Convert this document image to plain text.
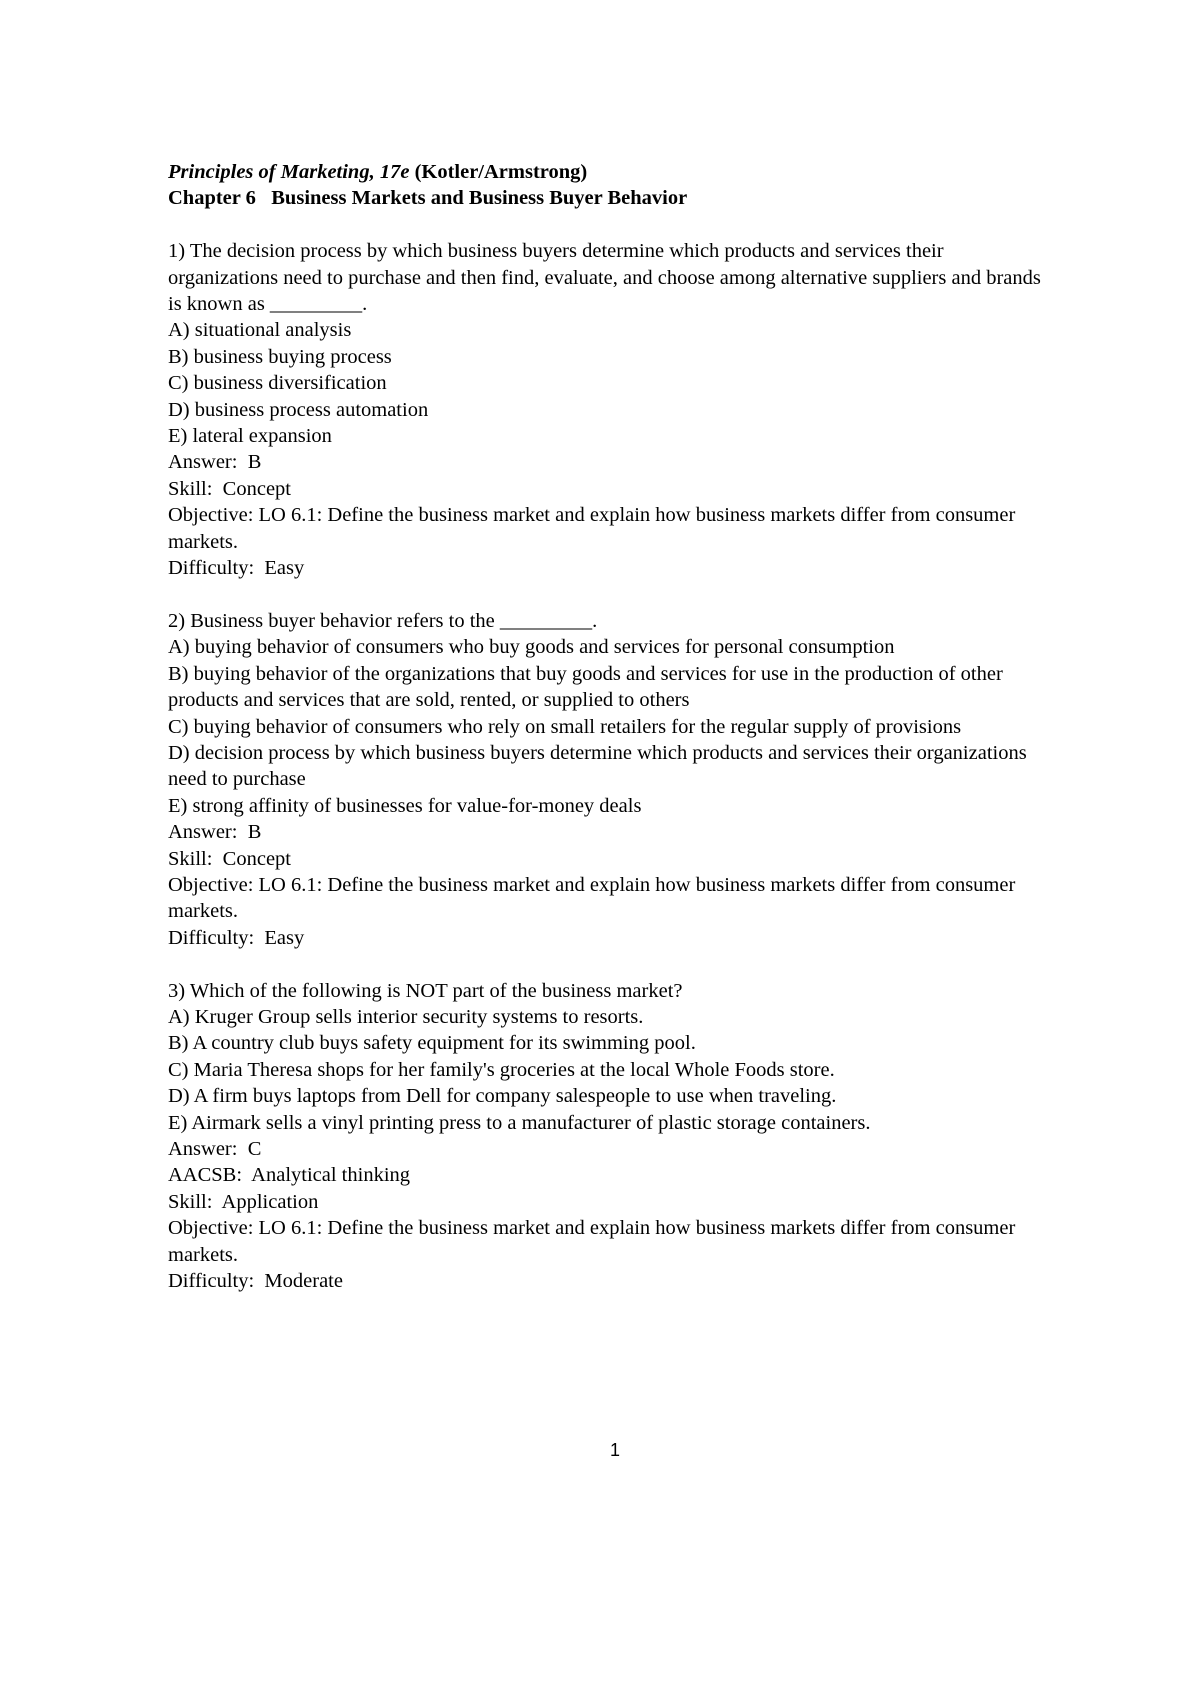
Principles of Marketing, 17e (Kotler/Armstrong)
Chapter 6   Business Markets and Business Buyer Behavior
1) The decision process by which business buyers determine which products and services their organizations need to purchase and then find, evaluate, and choose among alternative suppliers and brands is known as _________.
A) situational analysis
B) business buying process
C) business diversification
D) business process automation
E) lateral expansion
Answer:  B
Skill:  Concept
Objective: LO 6.1: Define the business market and explain how business markets differ from consumer markets.
Difficulty:  Easy
2) Business buyer behavior refers to the _________.
A) buying behavior of consumers who buy goods and services for personal consumption
B) buying behavior of the organizations that buy goods and services for use in the production of other products and services that are sold, rented, or supplied to others
C) buying behavior of consumers who rely on small retailers for the regular supply of provisions
D) decision process by which business buyers determine which products and services their organizations need to purchase
E) strong affinity of businesses for value-for-money deals
Answer:  B
Skill:  Concept
Objective: LO 6.1: Define the business market and explain how business markets differ from consumer markets.
Difficulty:  Easy
3) Which of the following is NOT part of the business market?
A) Kruger Group sells interior security systems to resorts.
B) A country club buys safety equipment for its swimming pool.
C) Maria Theresa shops for her family's groceries at the local Whole Foods store.
D) A firm buys laptops from Dell for company salespeople to use when traveling.
E) Airmark sells a vinyl printing press to a manufacturer of plastic storage containers.
Answer:  C
AACSB:  Analytical thinking
Skill:  Application
Objective: LO 6.1: Define the business market and explain how business markets differ from consumer markets.
Difficulty:  Moderate
1
